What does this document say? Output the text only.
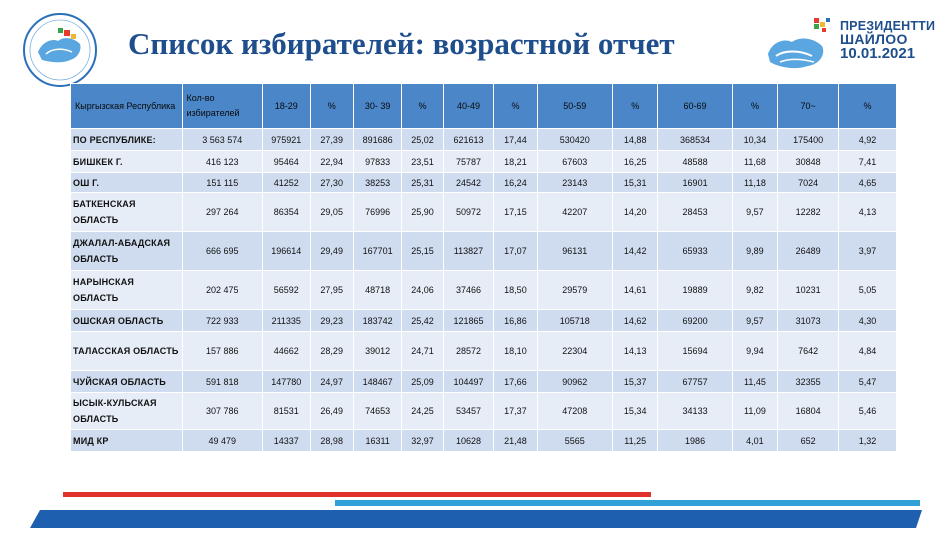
Список избирателей: возрастной отчет	ПРЕЗИДЕНТТИ
ШАЙЛОО
10.01.2021
Кыргызская Республика	Кол-во избирателей	18-29	%	30- 39	%	40-49	%	50-59	%	60-69	%	70~	%
ПО РЕСПУБЛИКЕ:	3 563 574	975921	27,39	891686	25,02	621613	17,44	530420	14,88	368534	10,34	175400	4,92
БИШКЕК Г.	416 123	95464	22,94	97833	23,51	75787	18,21	67603	16,25	48588	11,68	30848	7,41
ОШ Г.	151 115	41252	27,30	38253	25,31	24542	16,24	23143	15,31	16901	11,18	7024	4,65
БАТКЕНСКАЯ ОБЛАСТЬ	297 264	86354	29,05	76996	25,90	50972	17,15	42207	14,20	28453	9,57	12282	4,13
ДЖАЛАЛ-АБАДСКАЯ ОБЛАСТЬ	666 695	196614	29,49	167701	25,15	113827	17,07	96131	14,42	65933	9,89	26489	3,97
НАРЫНСКАЯ ОБЛАСТЬ	202 475	56592	27,95	48718	24,06	37466	18,50	29579	14,61	19889	9,82	10231	5,05
ОШСКАЯ ОБЛАСТЬ	722 933	211335	29,23	183742	25,42	121865	16,86	105718	14,62	69200	9,57	31073	4,30
ТАЛАССКАЯ ОБЛАСТЬ	157 886	44662	28,29	39012	24,71	28572	18,10	22304	14,13	15694	9,94	7642	4,84
ЧУЙСКАЯ ОБЛАСТЬ	591 818	147780	24,97	148467	25,09	104497	17,66	90962	15,37	67757	11,45	32355	5,47
ЫСЫК-КУЛЬСКАЯ ОБЛАСТЬ	307 786	81531	26,49	74653	24,25	53457	17,37	47208	15,34	34133	11,09	16804	5,46
МИД КР	49 479	14337	28,98	16311	32,97	10628	21,48	5565	11,25	1986	4,01	652	1,32
